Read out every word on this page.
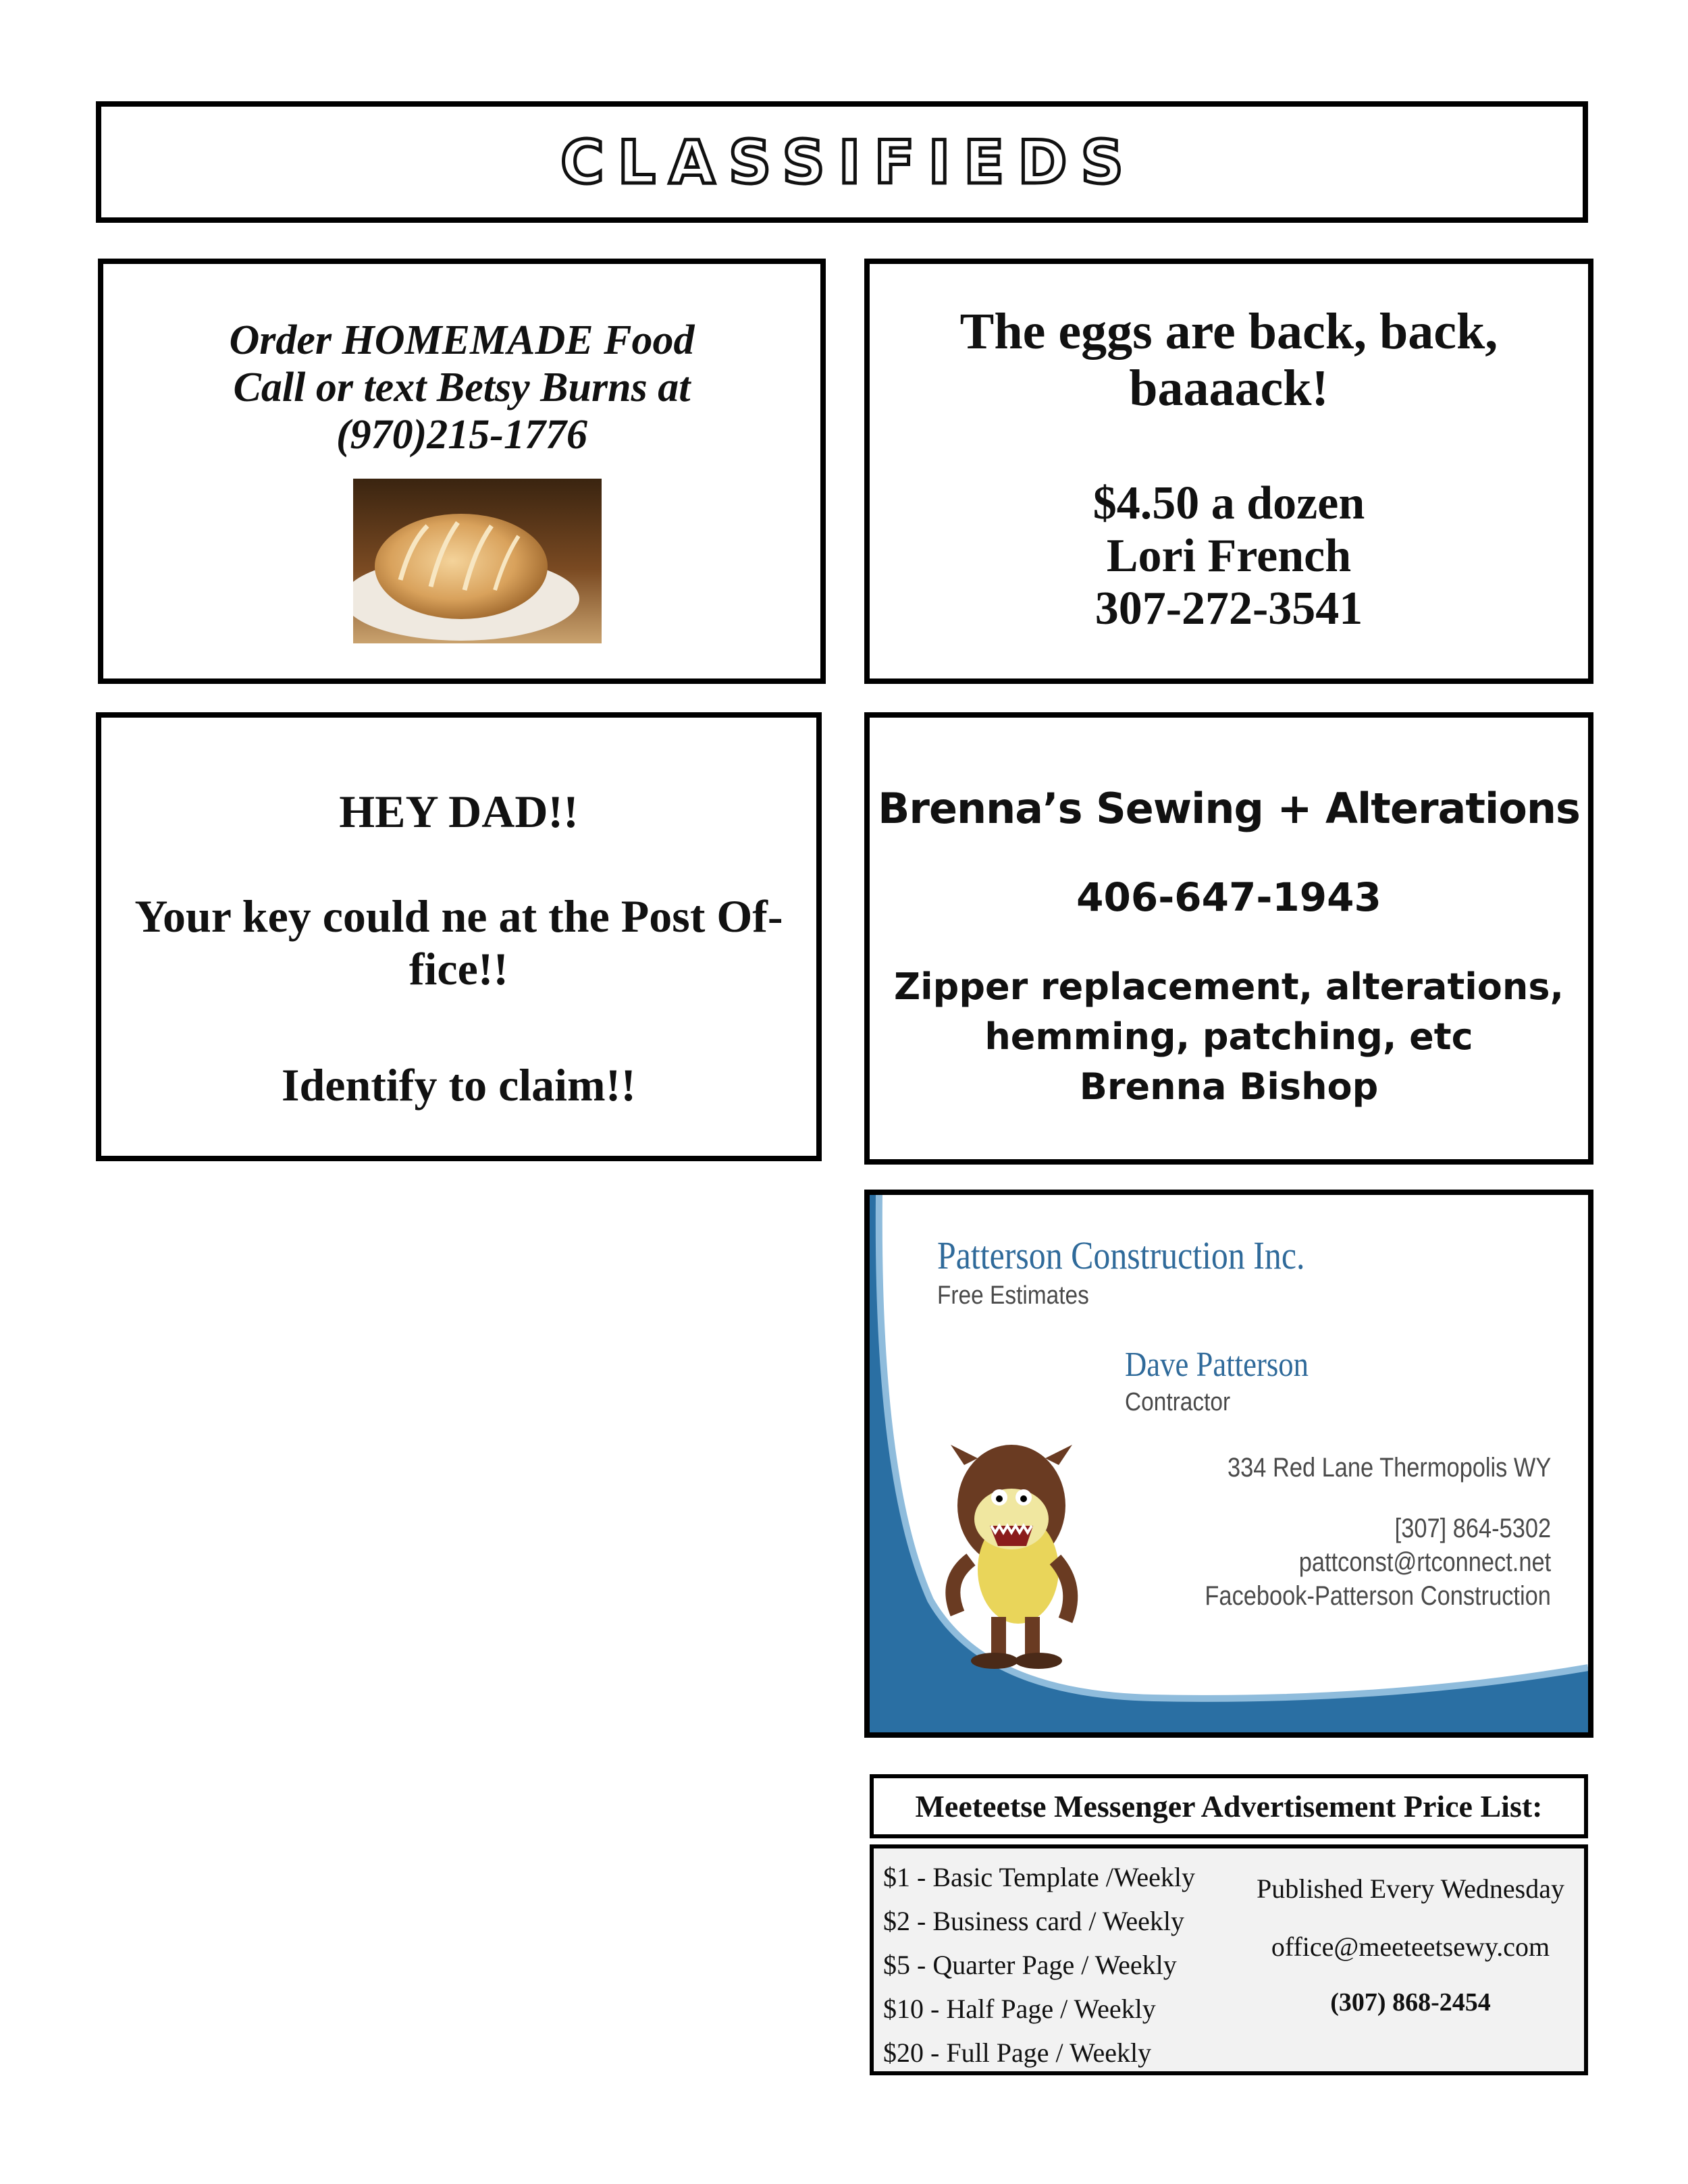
CLASSIFIEDS
Order HOMEMADE Food
Call or text Betsy Burns at
(970)215-1776
The eggs are back, back,
baaaack!
$4.50 a dozen
Lori French
307-272-3541
HEY DAD!!
Your key could ne at the Post Of-
fice!!
Identify to claim!!
Brenna’s Sewing + Alterations
406-647-1943
Zipper replacement, alterations,
hemming, patching, etc
Brenna Bishop
Patterson Construction Inc.
Free Estimates
Dave Patterson
Contractor
334 Red Lane Thermopolis WY
[307] 864-5302
pattconst@rtconnect.net
Facebook-Patterson Construction
Meeteetse Messenger Advertisement Price List:
$1 - Basic Template /Weekly
$2 - Business card / Weekly
$5 - Quarter Page / Weekly
$10 - Half Page / Weekly
$20 - Full Page / Weekly
Published Every Wednesday
office@meeteetsewy.com
(307) 868-2454
